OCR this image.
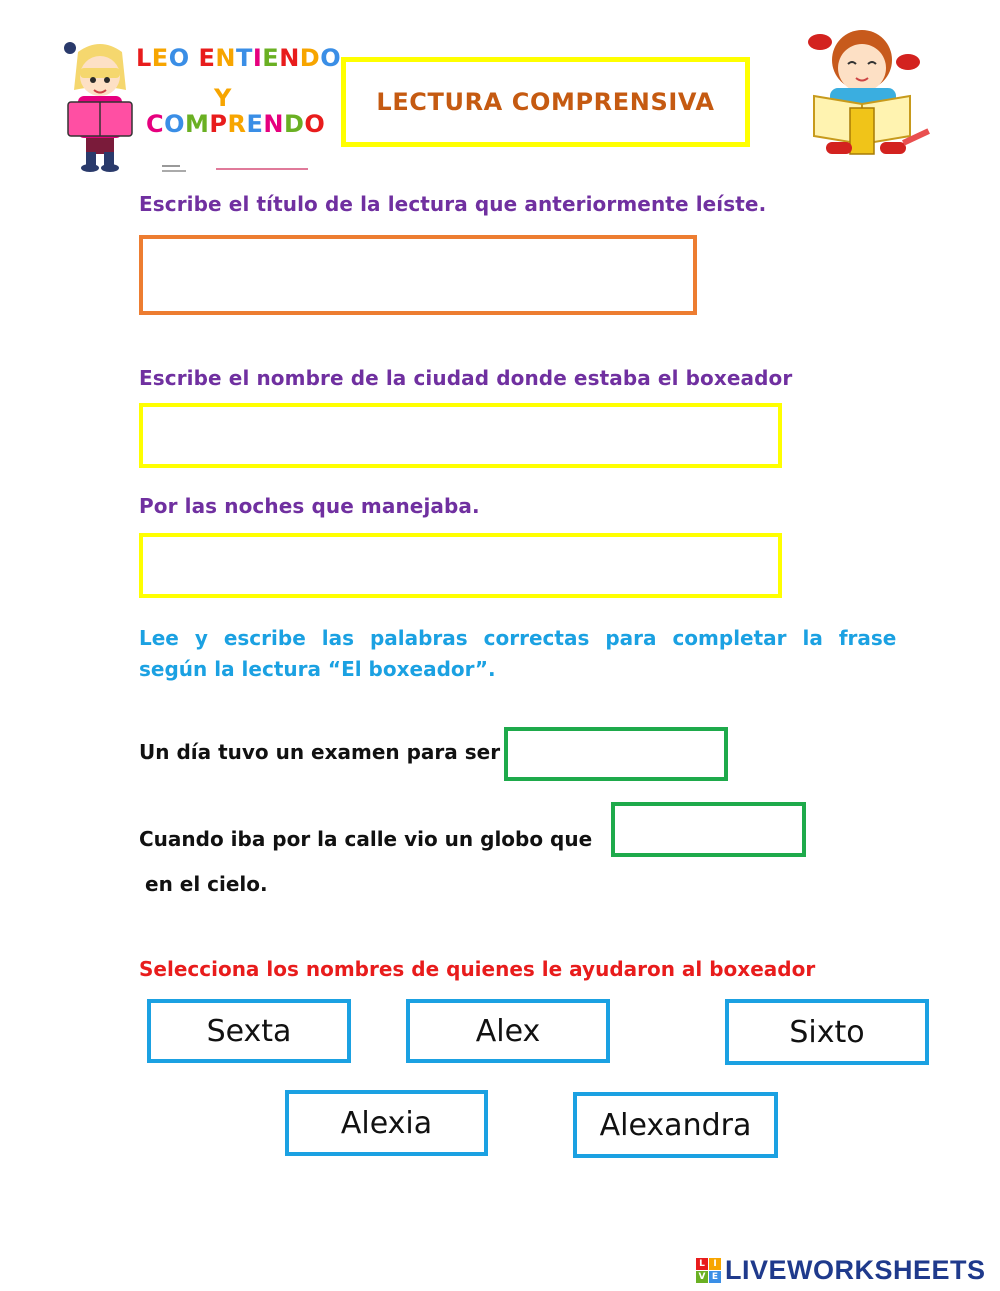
LEO ENTIENDO
Y
COMPRENDO
LECTURA COMPRENSIVA
Escribe el título de la lectura que anteriormente leíste.
Escribe el nombre de la ciudad donde estaba el boxeador
Por las noches que manejaba.
Lee y escribe las palabras correctas para completar la frase
según la lectura “El boxeador”.
Un día tuvo un examen para ser
Cuando iba por la calle vio un globo que
en el cielo.
Selecciona los nombres de quienes le ayudaron al boxeador
Sexta	Alex	Sixto
Alexia	Alexandra
L I
V E LIVEWORKSHEETS
